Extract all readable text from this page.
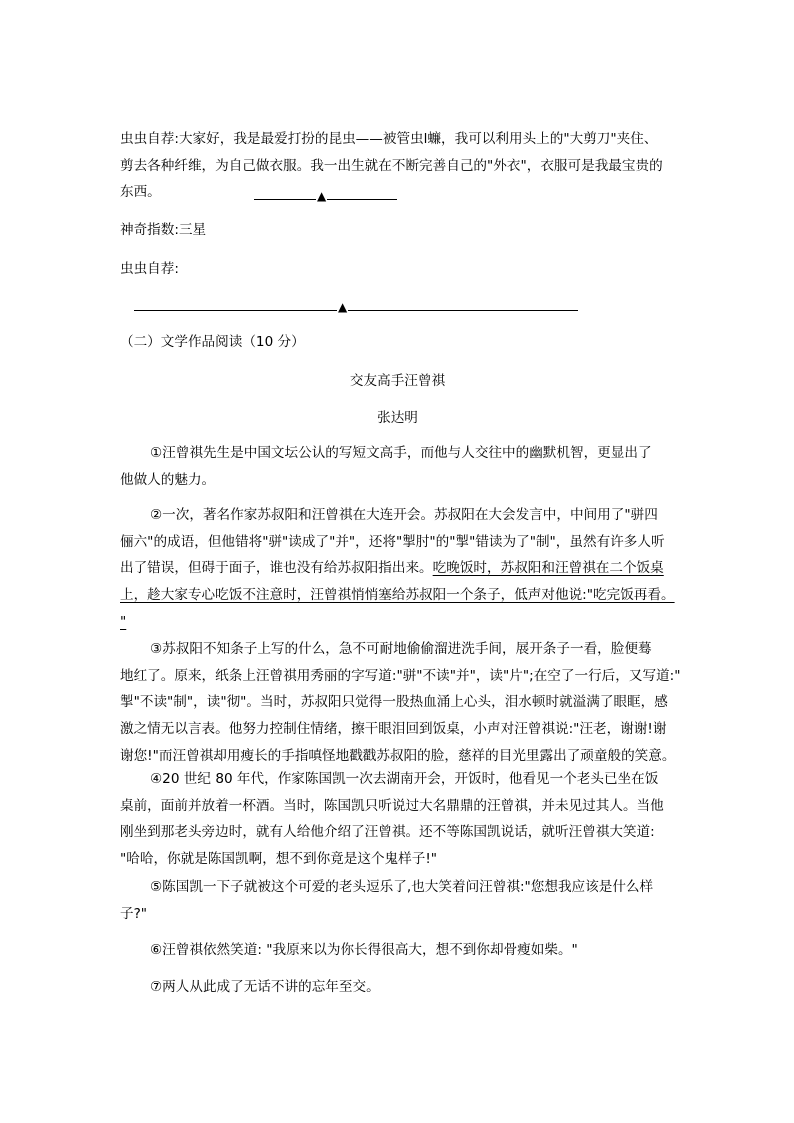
虫虫自荐:大家好，我是最爱打扮的昆虫——被管虫l蠊，我可以利用头上的"大剪刀"夹住、
剪去各种纤维，为自己做衣服。我一出生就在不断完善自己的"外衣"，衣服可是我最宝贵的
东西。	▲
神奇指数:三星
虫虫自荐:
▲
（二）文学作品阅读（10 分）
交友高手汪曾祺
张达明
①汪曾祺先生是中国文坛公认的写短文高手，而他与人交往中的幽默机智，更显出了
他做人的魅力。
②一次，著名作家苏叔阳和汪曾祺在大连开会。苏叔阳在大会发言中，中间用了"骈四
俪六"的成语，但他错将"骈"读成了"并"，还将"掣肘"的"掣"错读为了"制"，虽然有许多人听
出了错误，但碍于面子，谁也没有给苏叔阳指出来。吃晚饭时，苏叔阳和汪曾祺在二个饭桌
上，趁大家专心吃饭不注意时，汪曾祺悄悄塞给苏叔阳一个条子，低声对他说:"吃完饭再看。
"
③苏叔阳不知条子上写的什么，急不可耐地偷偷溜进洗手间，展开条子一看，脸便蓦
地红了。原来，纸条上汪曾祺用秀丽的字写道:"骈"不读"并"，读"片";在空了一行后，又写道:"
掣"不读"制"，读"彻"。当时，苏叔阳只觉得一股热血涌上心头，泪水顿时就溢满了眼眶，感
激之情无以言表。他努力控制住情绪，擦干眼泪回到饭桌，小声对汪曾祺说:"汪老，谢谢!谢
谢您!"而汪曾祺却用瘦长的手指嗔怪地戳戳苏叔阳的脸，慈祥的目光里露出了顽童般的笑意。
④20 世纪 80 年代，作家陈国凯一次去湖南开会，开饭时，他看见一个老头已坐在饭
桌前，面前并放着一杯酒。当时，陈国凯只听说过大名鼎鼎的汪曾祺，并未见过其人。当他
刚坐到那老头旁边时，就有人给他介绍了汪曾祺。还不等陈国凯说话，就听汪曾祺大笑道:
"哈哈，你就是陈国凯啊，想不到你竟是这个鬼样子!"
⑤陈国凯一下子就被这个可爱的老头逗乐了,也大笑着问汪曾祺:"您想我应该是什么样
子?"
⑥汪曾祺依然笑道: "我原来以为你长得很高大，想不到你却骨瘦如柴。"
⑦两人从此成了无话不讲的忘年至交。
